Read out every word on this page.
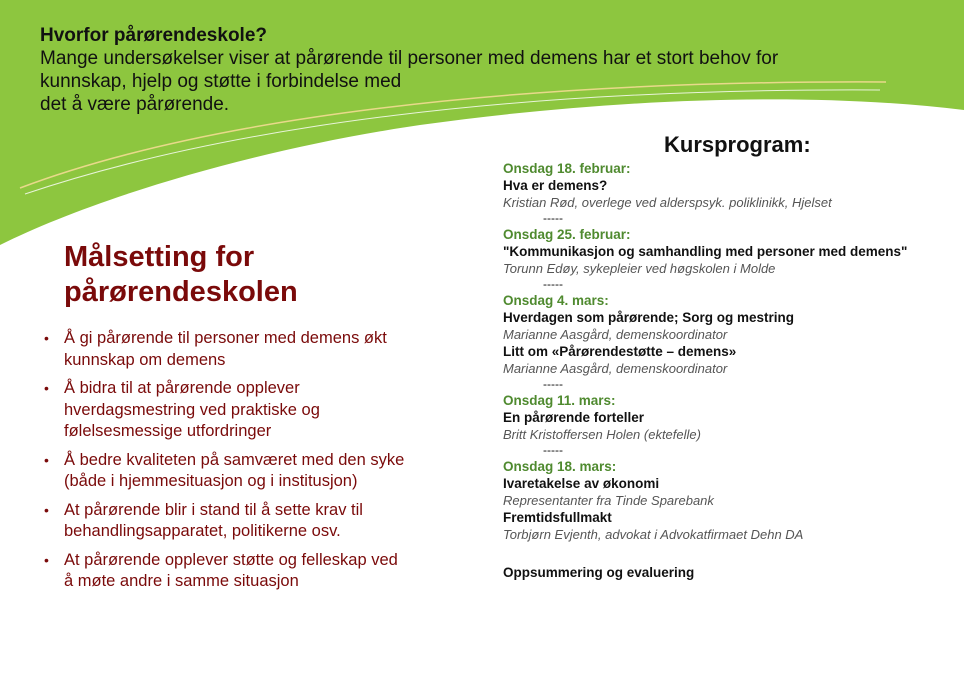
Hvorfor pårørendeskole?
Mange undersøkelser viser at pårørende til personer med demens har et stort behov for
kunnskap, hjelp og støtte i forbindelse med
det å være pårørende.
Målsetting for
pårørendeskolen
• Å gi pårørende til personer med demens økt kunnskap om demens
• Å bidra til at pårørende opplever hverdagsmestring ved praktiske og følelsesmessige utfordringer
• Å bedre kvaliteten på samværet med den syke (både i hjemmesituasjon og i institusjon)
• At pårørende blir i stand til å sette krav til behandlingsapparatet, politikerne osv.
• At pårørende opplever støtte og felleskap ved å møte andre i samme situasjon
Kursprogram:
Onsdag 18. februar:
Hva er demens?
Kristian Rød, overlege ved alderspsyk. poliklinikk, Hjelset
-----
Onsdag 25. februar:
"Kommunikasjon og samhandling med personer med demens"
Torunn Edøy, sykepleier ved høgskolen i Molde
-----
Onsdag 4. mars:
Hverdagen som pårørende; Sorg og mestring
Marianne Aasgård, demenskoordinator
Litt om «Pårørendestøtte – demens»
Marianne Aasgård, demenskoordinator
-----
Onsdag 11. mars:
En pårørende forteller
Britt Kristoffersen Holen (ektefelle)
-----
Onsdag 18. mars:
Ivaretakelse av økonomi
Representanter fra Tinde Sparebank
Fremtidsfullmakt
Torbjørn Evjenth, advokat i Advokatfirmaet Dehn DA
Oppsummering og evaluering
